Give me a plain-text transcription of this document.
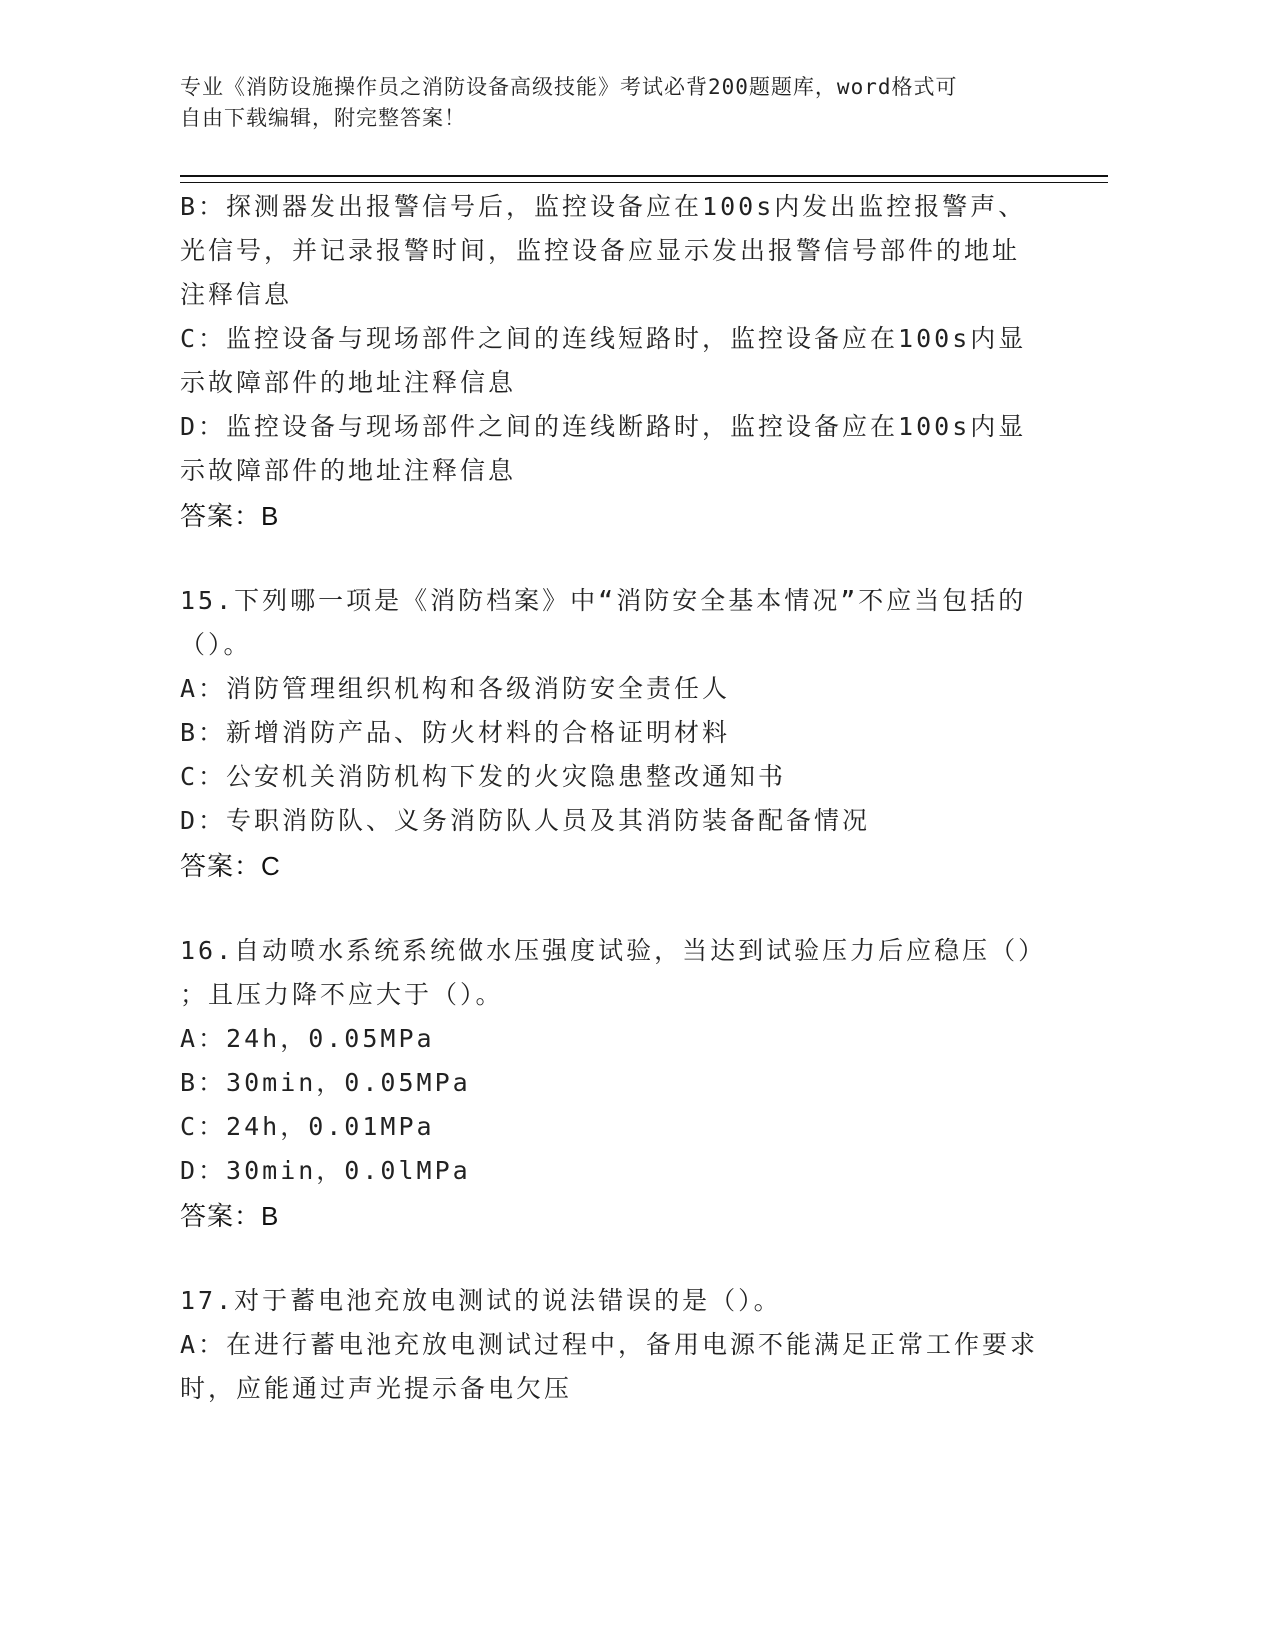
专业《消防设施操作员之消防设备高级技能》考试必背200题题库，word格式可
自由下载编辑，附完整答案！
B：探测器发出报警信号后，监控设备应在100s内发出监控报警声、
光信号，并记录报警时间，监控设备应显示发出报警信号部件的地址
注释信息
C：监控设备与现场部件之间的连线短路时，监控设备应在100s内显
示故障部件的地址注释信息
D：监控设备与现场部件之间的连线断路时，监控设备应在100s内显
示故障部件的地址注释信息
答案：B
15.下列哪一项是《消防档案》中“消防安全基本情况”不应当包括的
（）。
A：消防管理组织机构和各级消防安全责任人
B：新增消防产品、防火材料的合格证明材料
C：公安机关消防机构下发的火灾隐患整改通知书
D：专职消防队、义务消防队人员及其消防装备配备情况
答案：C
16.自动喷水系统系统做水压强度试验，当达到试验压力后应稳压（）
；且压力降不应大于（）。
A：24h，0.05MPa
B：30min，0.05MPa
C：24h，0.01MPa
D：30min，0.0lMPa
答案：B
17.对于蓄电池充放电测试的说法错误的是（）。
A：在进行蓄电池充放电测试过程中，备用电源不能满足正常工作要求
时，应能通过声光提示备电欠压
